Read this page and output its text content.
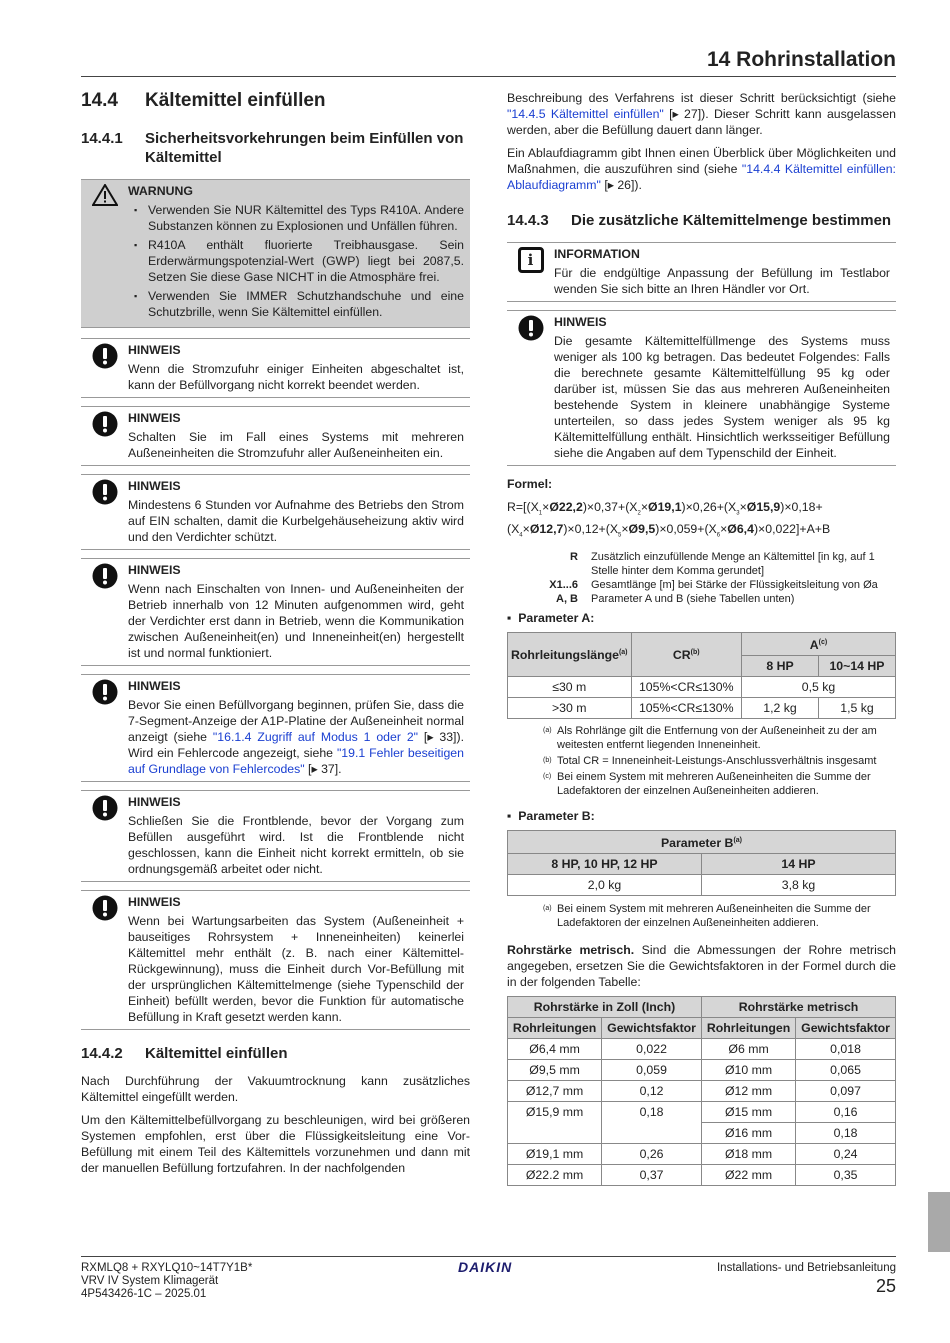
14 Rohrinstallation
14.4	Kältemittel einfüllen
14.4.1	Sicherheitsvorkehrungen beim Einfüllen von Kältemittel
WARNUNG
▪ Verwenden Sie NUR Kältemittel des Typs R410A. Andere Substanzen können zu Explosionen und Unfällen führen.
▪ R410A enthält fluorierte Treibhausgase. Sein Erderwärmungspotenzial-Wert (GWP) liegt bei 2087,5. Setzen Sie diese Gase NICHT in die Atmosphäre frei.
▪ Verwenden Sie IMMER Schutzhandschuhe und eine Schutzbrille, wenn Sie Kältemittel einfüllen.
HINWEIS
Wenn die Stromzufuhr einiger Einheiten abgeschaltet ist, kann der Befüllvorgang nicht korrekt beendet werden.
HINWEIS
Schalten Sie im Fall eines Systems mit mehreren Außeneinheiten die Stromzufuhr aller Außeneinheiten ein.
HINWEIS
Mindestens 6 Stunden vor Aufnahme des Betriebs den Strom auf EIN schalten, damit die Kurbelgehäuseheizung aktiv wird und den Verdichter schützt.
HINWEIS
Wenn nach Einschalten von Innen- und Außeneinheiten der Betrieb innerhalb von 12 Minuten aufgenommen wird, geht der Verdichter erst dann in Betrieb, wenn die Kommunikation zwischen Außeneinheit(en) und Inneneinheit(en) hergestellt ist und normal funktioniert.
HINWEIS
Bevor Sie einen Befüllvorgang beginnen, prüfen Sie, dass die 7-Segment-Anzeige der A1P-Platine der Außeneinheit normal anzeigt (siehe "16.1.4 Zugriff auf Modus 1 oder 2" [▸ 33]). Wird ein Fehlercode angezeigt, siehe "19.1 Fehler beseitigen auf Grundlage von Fehlercodes" [▸ 37].
HINWEIS
Schließen Sie die Frontblende, bevor der Vorgang zum Befüllen ausgeführt wird. Ist die Frontblende nicht geschlossen, kann die Einheit nicht korrekt ermitteln, ob sie ordnungsgemäß arbeitet oder nicht.
HINWEIS
Wenn bei Wartungsarbeiten das System (Außeneinheit + bauseitiges Rohrsystem + Inneneinheiten) keinerlei Kältemittel mehr enthält (z. B. nach einer Kältemittel-Rückgewinnung), muss die Einheit durch Vor-Befüllung mit der ursprünglichen Kältemittelmenge (siehe Typenschild der Einheit) befüllt werden, bevor die Funktion für automatische Befüllung in Kraft gesetzt werden kann.
14.4.2	Kältemittel einfüllen

Nach Durchführung der Vakuumtrocknung kann zusätzliches Kältemittel eingefüllt werden.

Um den Kältemittelbefüllvorgang zu beschleunigen, wird bei größeren Systemen empfohlen, erst über die Flüssigkeitsleitung eine Vor-Befüllung mit einem Teil des Kältemittels vorzunehmen und dann mit der manuellen Befüllung fortzufahren. In der nachfolgenden

Beschreibung des Verfahrens ist dieser Schritt berücksichtigt (siehe "14.4.5 Kältemittel einfüllen" [▸ 27]). Dieser Schritt kann ausgelassen werden, aber die Befüllung dauert dann länger.

Ein Ablaufdiagramm gibt Ihnen einen Überblick über Möglichkeiten und Maßnahmen, die auszuführen sind (siehe "14.4.4 Kältemittel einfüllen: Ablaufdiagramm" [▸ 26]).

14.4.3	Die zusätzliche Kältemittelmenge bestimmen
i	INFORMATION
Für die endgültige Anpassung der Befüllung im Testlabor wenden Sie sich bitte an Ihren Händler vor Ort.
HINWEIS
Die gesamte Kältemittelfüllmenge des Systems muss weniger als 100 kg betragen. Das bedeutet Folgendes: Falls die berechnete gesamte Kältemittelfüllung 95 kg oder darüber ist, müssen Sie das aus mehreren Außeneinheiten bestehende System in kleinere unabhängige Systeme unterteilen, so dass jedes System weniger als 95 kg Kältemittelfüllung enthält. Hinsichtlich werksseitiger Befüllung siehe die Angaben auf dem Typenschild der Einheit.
Formel:
$R=[(X_1\times Ø22,2)\times 0,37+(X_2\times Ø19,1)\times 0,26+(X_3\times Ø15,9)\times 0,18+$
$(X_4\times Ø12,7)\times 0,12+(X_5\times Ø9,5)\times 0,059+(X_6\times Ø6,4)\times 0,022]+A+B$
R	Zusätzlich einzufüllende Menge an Kältemittel [in kg, auf 1 Stelle hinter dem Komma gerundet]
X1...6	Gesamtlänge [m] bei Stärke der Flüssigkeitsleitung von Øa
A, B	Parameter A und B (siehe Tabellen unten)
▪  Parameter A:
Rohrleitungslänge$^{(a)}$	CR$^{(b)}$	$A^{(c)}$
		8 HP	10~14 HP
≤30 m	105%<CR≤130%	0,5 kg	
>30 m	105%<CR≤130%	1,2 kg	1,5 kg
(a) Als Rohrlänge gilt die Entfernung von der Außeneinheit zu der am weitesten entfernt liegenden Inneneinheit.
(b) Total CR = Inneneinheit-Leistungs-Anschlussverhältnis insgesamt
(c) Bei einem System mit mehreren Außeneinheiten die Summe der Ladefaktoren der einzelnen Außeneinheiten addieren.
▪  Parameter B:
Parameter $B^{(a)}$
8 HP, 10 HP, 12 HP	14 HP
2,0 kg	3,8 kg
(a) Bei einem System mit mehreren Außeneinheiten die Summe der Ladefaktoren der einzelnen Außeneinheiten addieren.

Rohrstärke metrisch. Sind die Abmessungen der Rohre metrisch angegeben, ersetzen Sie die Gewichtsfaktoren in der Formel durch die in der folgenden Tabelle:

Rohrstärke in Zoll (Inch)		Rohrstärke metrisch	
Rohrleitungen	Gewichtsfaktor	Rohrleitungen	Gewichtsfaktor
Ø6,4 mm	0,022	Ø6 mm	0,018
Ø9,5 mm	0,059	Ø10 mm	0,065
Ø12,7 mm	0,12	Ø12 mm	0,097
Ø15,9 mm	0,18	Ø15 mm	0,16
		Ø16 mm	0,18
Ø19,1 mm	0,26	Ø18 mm	0,24
Ø22.2 mm	0,37	Ø22 mm	0,35
RXMLQ8 + RXYLQ10~14T7Y1B*
VRV IV System Klimagerät
4P543426-1C – 2025.01
DAIKIN	Installations- und Betriebsanleitung
25
